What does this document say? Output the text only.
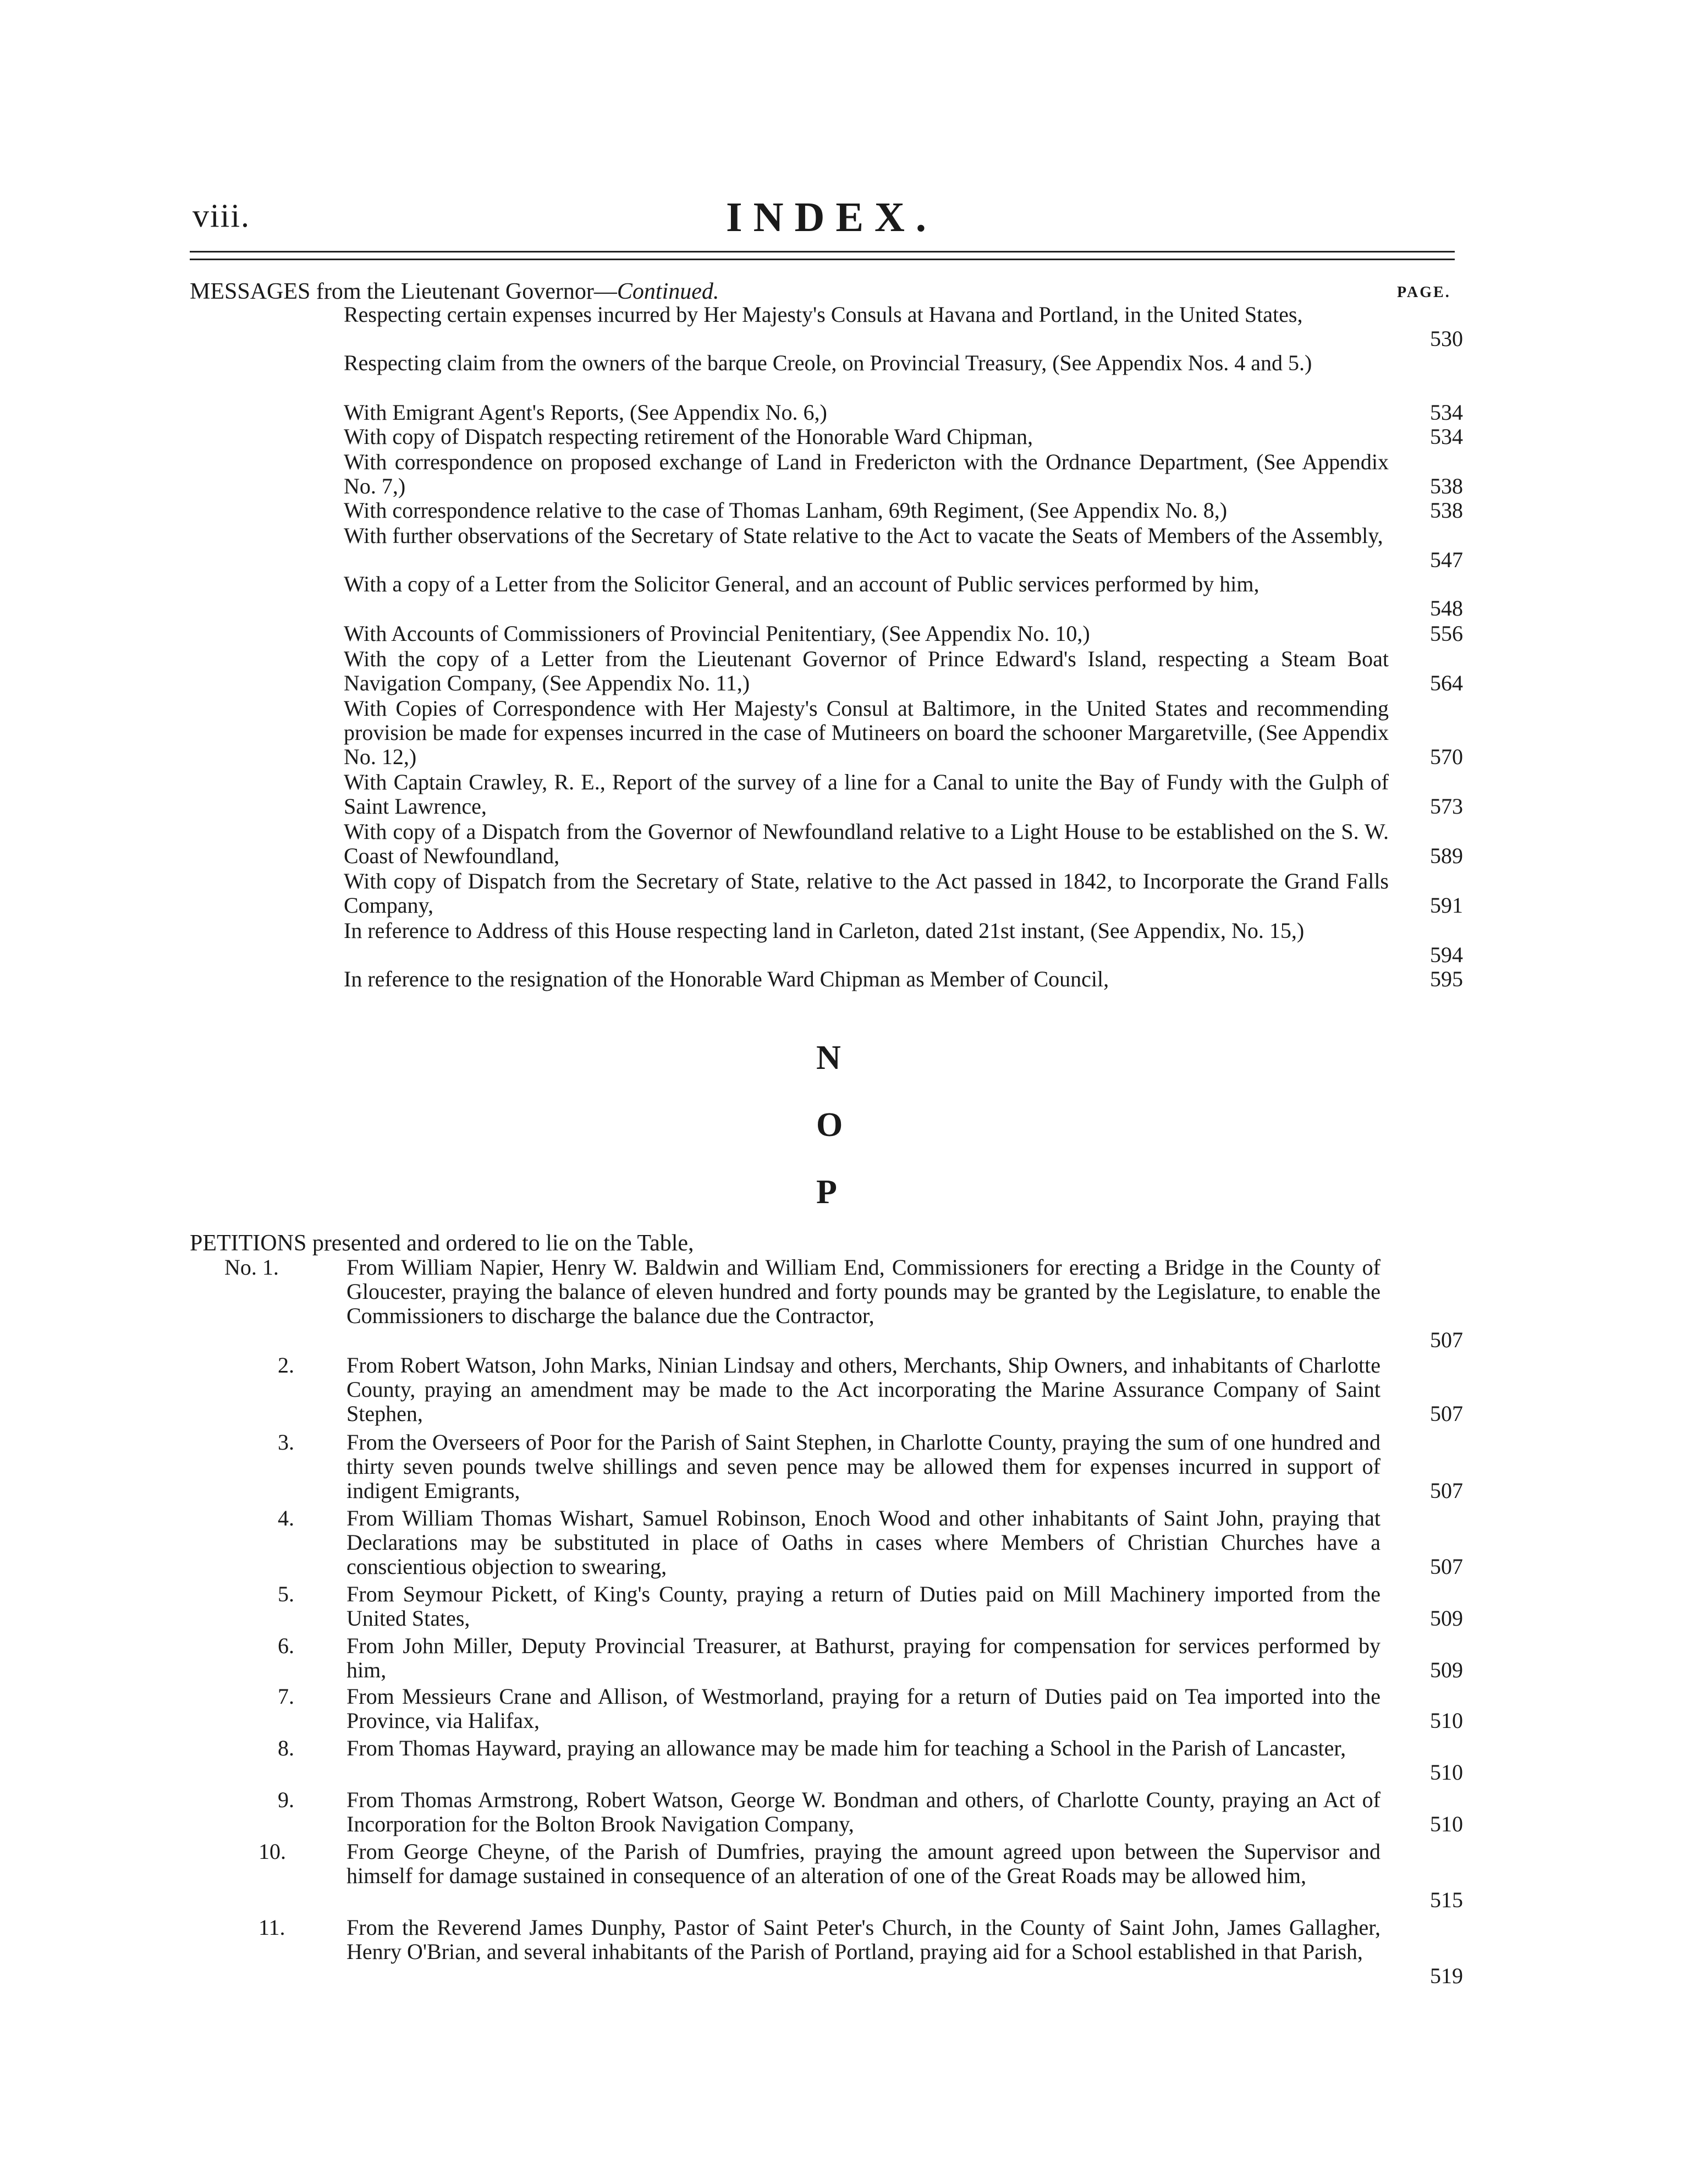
viii.	INDEX.
MESSAGES from the Lieutenant Governor—Continued.	PAGE.
Respecting certain expenses incurred by Her Majesty's Consuls at Havana and Portland, in the United States,
530
Respecting claim from the owners of the barque Creole, on Provincial Treasury, (See Appendix Nos. 4 and 5.)
With Emigrant Agent's Reports, (See Appendix No. 6,)	534
With copy of Dispatch respecting retirement of the Honorable Ward Chipman,	534
With correspondence on proposed exchange of Land in Fredericton with the Ordnance Department, (See Appendix No. 7,)	538
With correspondence relative to the case of Thomas Lanham, 69th Regiment, (See Appendix No. 8,)	538
With further observations of the Secretary of State relative to the Act to vacate the Seats of Members of the Assembly,
547
With a copy of a Letter from the Solicitor General, and an account of Public services performed by him,
548
With Accounts of Commissioners of Provincial Penitentiary, (See Appendix No. 10,)	556
With the copy of a Letter from the Lieutenant Governor of Prince Edward's Island, respecting a Steam Boat Navigation Company, (See Appendix No. 11,)	564
With Copies of Correspondence with Her Majesty's Consul at Baltimore, in the United States and recommending provision be made for expenses incurred in the case of Mutineers on board the schooner Margaretville, (See Appendix No. 12,)	570
With Captain Crawley, R. E., Report of the survey of a line for a Canal to unite the Bay of Fundy with the Gulph of Saint Lawrence,	573
With copy of a Dispatch from the Governor of Newfoundland relative to a Light House to be established on the S. W. Coast of Newfoundland,	589
With copy of Dispatch from the Secretary of State, relative to the Act passed in 1842, to Incorporate the Grand Falls Company,	591
In reference to Address of this House respecting land in Carleton, dated 21st instant, (See Appendix, No. 15,)
594
In reference to the resignation of the Honorable Ward Chipman as Member of Council,	595
N
O
P
PETITIONS presented and ordered to lie on the Table,
No. 1.	From William Napier, Henry W. Baldwin and William End, Commissioners for erecting a Bridge in the County of Gloucester, praying the balance of eleven hundred and forty pounds may be granted by the Legislature, to enable the Commissioners to discharge the balance due the Contractor,
507
2. From Robert Watson, John Marks, Ninian Lindsay and others, Merchants, Ship Owners, and inhabitants of Charlotte County, praying an amendment may be made to the Act incorporating the Marine Assurance Company of Saint Stephen,	507
3. From the Overseers of Poor for the Parish of Saint Stephen, in Charlotte County, praying the sum of one hundred and thirty seven pounds twelve shillings and seven pence may be allowed them for expenses incurred in support of indigent Emigrants,	507
4. From William Thomas Wishart, Samuel Robinson, Enoch Wood and other inhabitants of Saint John, praying that Declarations may be substituted in place of Oaths in cases where Members of Christian Churches have a conscientious objection to swearing,	507
5. From Seymour Pickett, of King's County, praying a return of Duties paid on Mill Machinery imported from the United States,	509
6. From John Miller, Deputy Provincial Treasurer, at Bathurst, praying for compensation for services performed by him,	509
7. From Messieurs Crane and Allison, of Westmorland, praying for a return of Duties paid on Tea imported into the Province, via Halifax,	510
8. From Thomas Hayward, praying an allowance may be made him for teaching a School in the Parish of Lancaster,
510
9. From Thomas Armstrong, Robert Watson, George W. Bondman and others, of Charlotte County, praying an Act of Incorporation for the Bolton Brook Navigation Company,	510
10.	From George Cheyne, of the Parish of Dumfries, praying the amount agreed upon between the Supervisor and himself for damage sustained in consequence of an alteration of one of the Great Roads may be allowed him,
515
11.	From the Reverend James Dunphy, Pastor of Saint Peter's Church, in the County of Saint John, James Gallagher, Henry O'Brian, and several inhabitants of the Parish of Portland, praying aid for a School established in that Parish,
519
